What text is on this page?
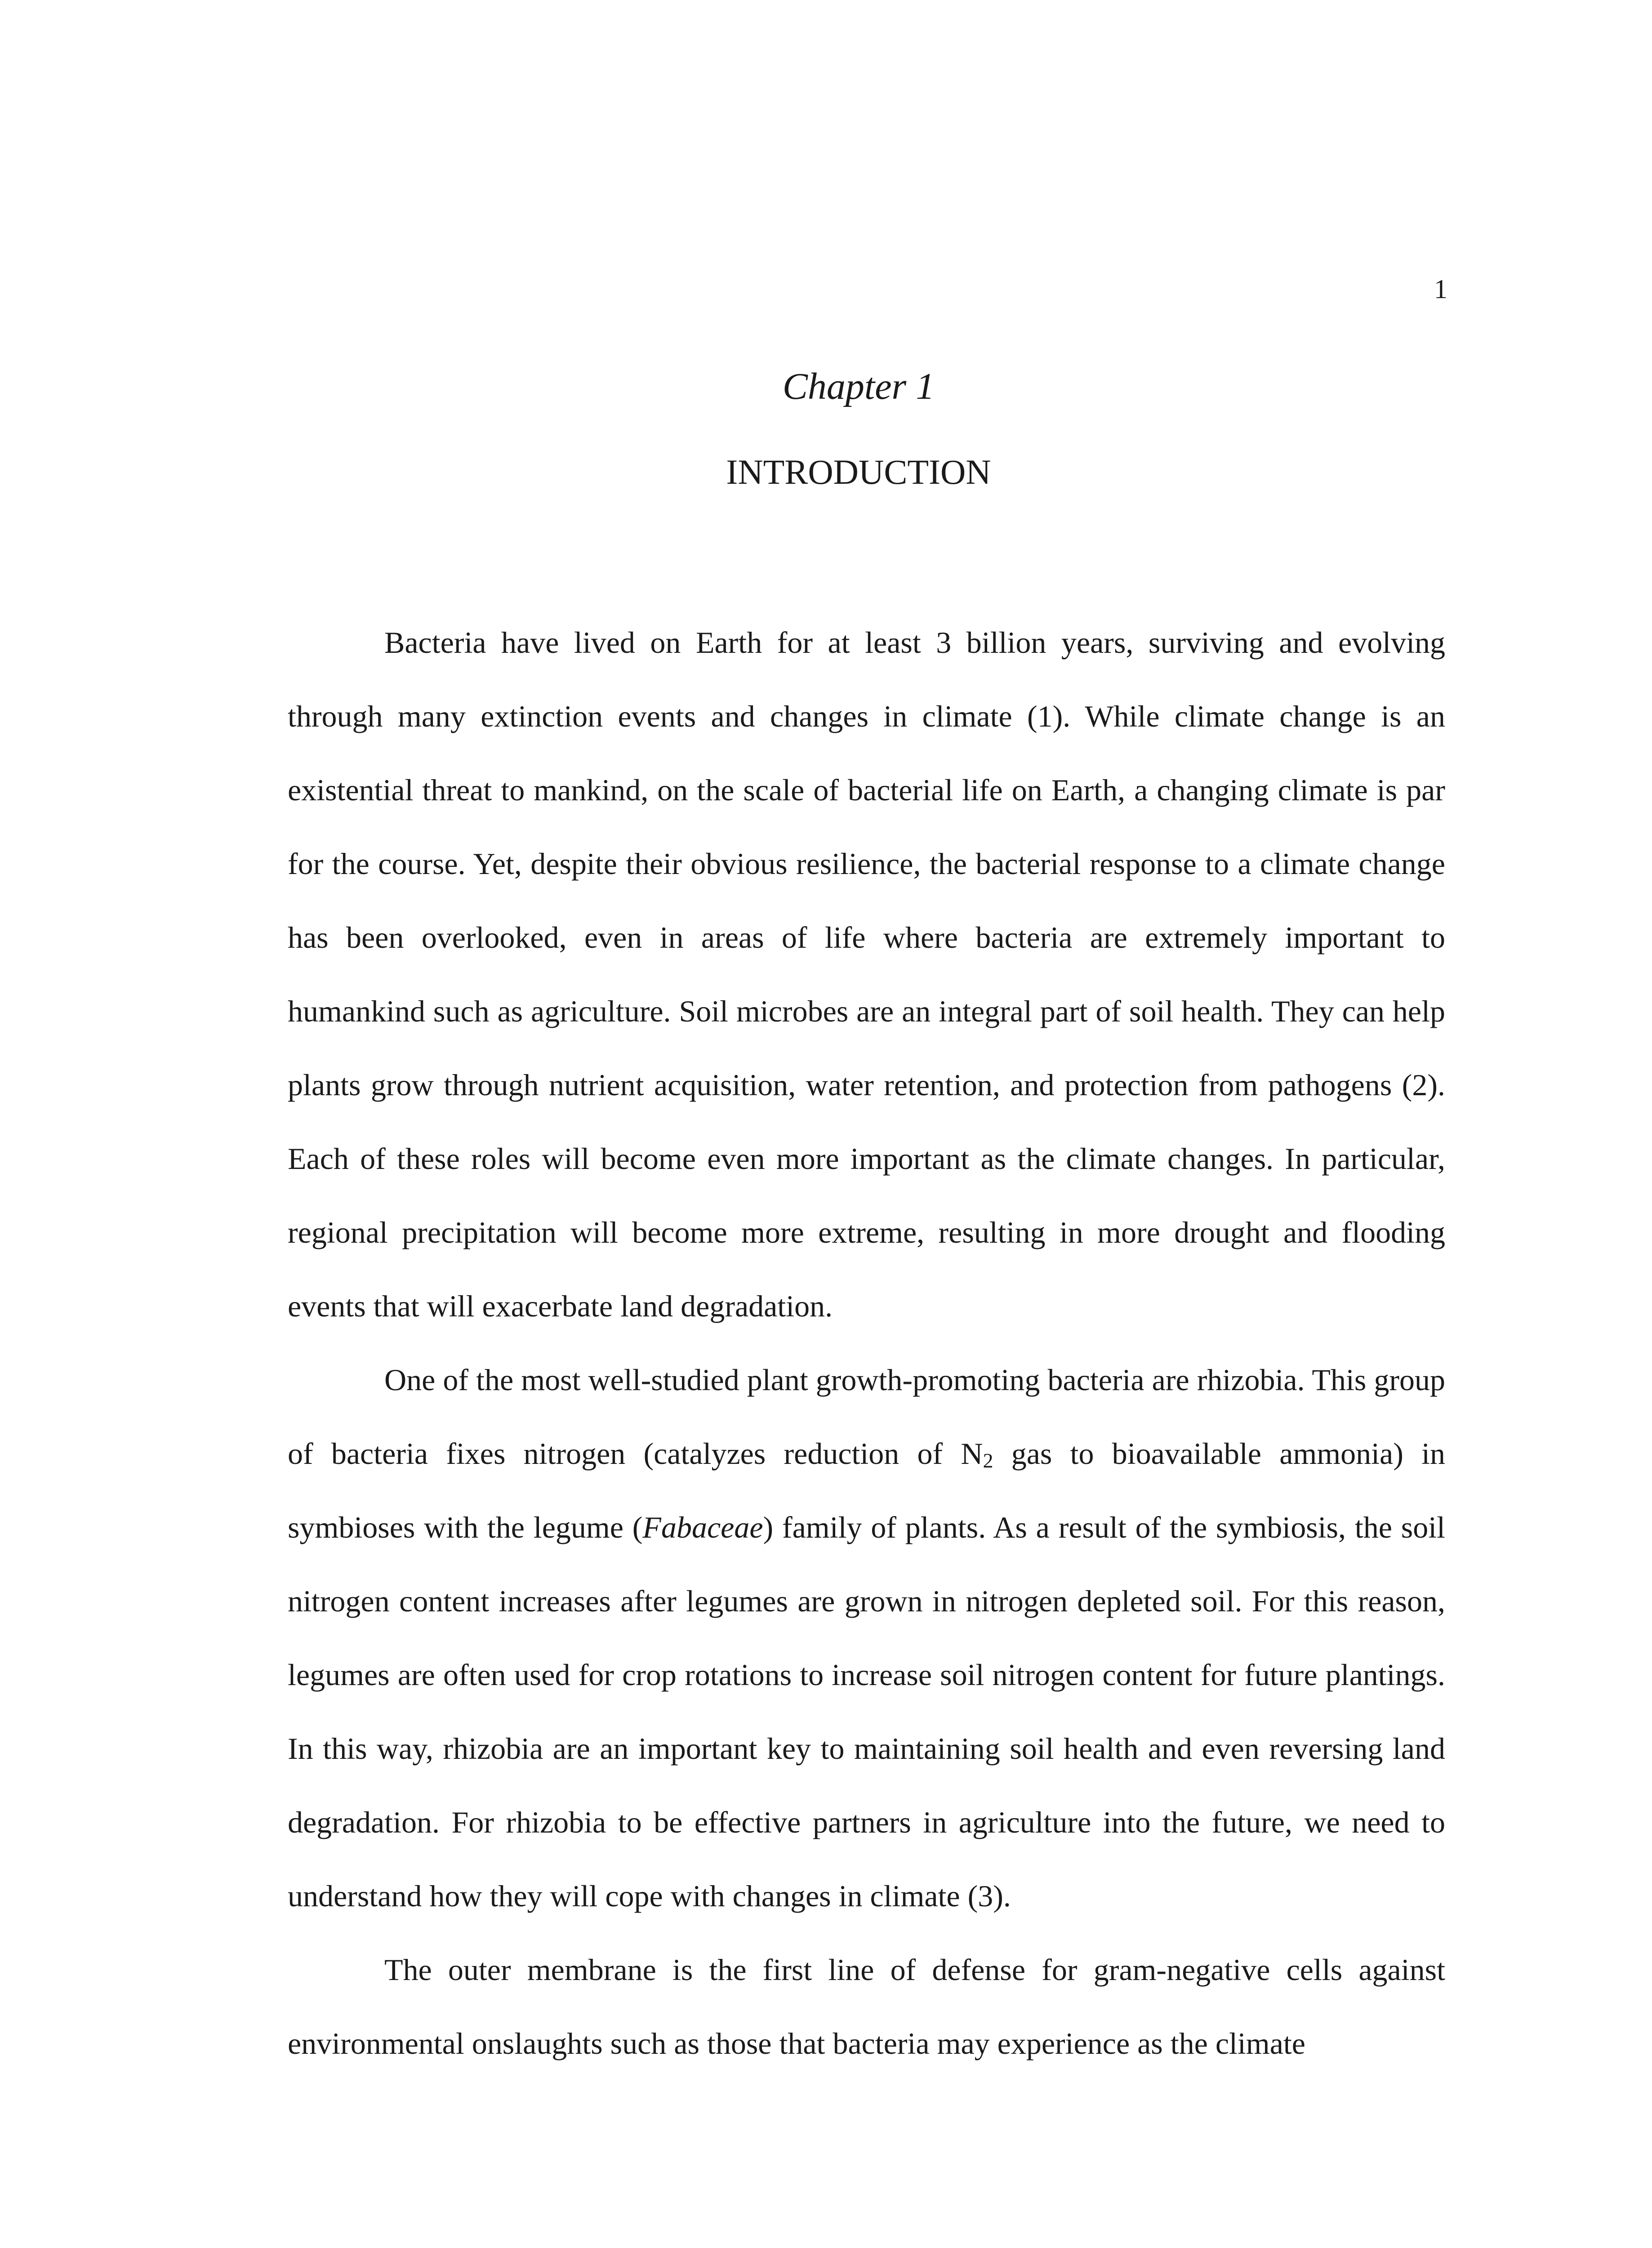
1
Chapter 1
INTRODUCTION

Bacteria have lived on Earth for at least 3 billion years, surviving and evolving through many extinction events and changes in climate (1). While climate change is an existential threat to mankind, on the scale of bacterial life on Earth, a changing climate is par for the course. Yet, despite their obvious resilience, the bacterial response to a climate change has been overlooked, even in areas of life where bacteria are extremely important to humankind such as agriculture. Soil microbes are an integral part of soil health. They can help plants grow through nutrient acquisition, water retention, and protection from pathogens (2). Each of these roles will become even more important as the climate changes. In particular, regional precipitation will become more extreme, resulting in more drought and flooding events that will exacerbate land degradation.

One of the most well-studied plant growth-promoting bacteria are rhizobia. This group of bacteria fixes nitrogen (catalyzes reduction of $N_2$ gas to bioavailable ammonia) in symbioses with the legume (Fabaceae) family of plants. As a result of the symbiosis, the soil nitrogen content increases after legumes are grown in nitrogen depleted soil. For this reason, legumes are often used for crop rotations to increase soil nitrogen content for future plantings. In this way, rhizobia are an important key to maintaining soil health and even reversing land degradation. For rhizobia to be effective partners in agriculture into the future, we need to understand how they will cope with changes in climate (3).

The outer membrane is the first line of defense for gram-negative cells against environmental onslaughts such as those that bacteria may experience as the climate
